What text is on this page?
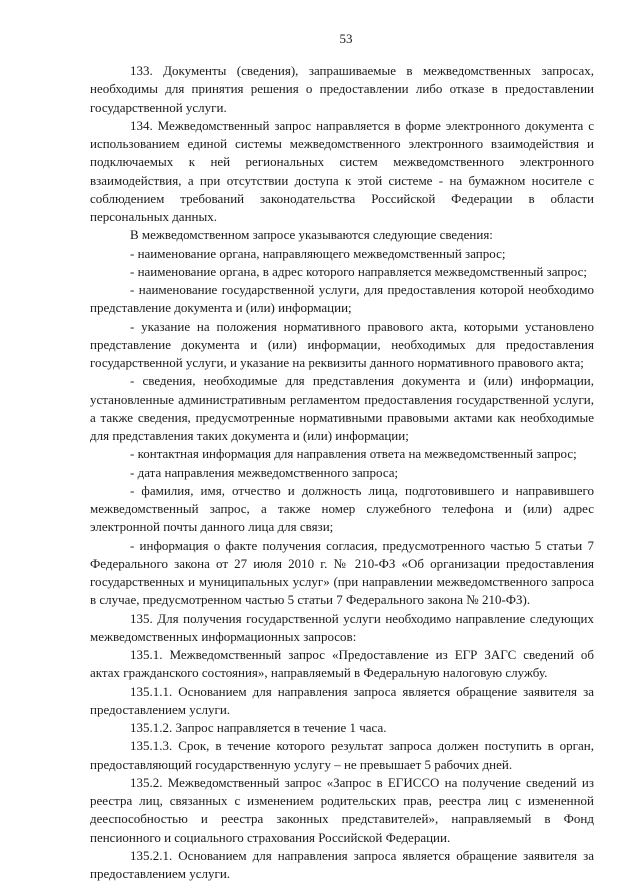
53

133. Документы (сведения), запрашиваемые в межведомственных запросах, необходимы для принятия решения о предоставлении либо отказе в предоставлении государственной услуги.

134. Межведомственный запрос направляется в форме электронного документа с использованием единой системы межведомственного электронного взаимодействия и подключаемых к ней региональных систем межведомственного электронного взаимодействия, а при отсутствии доступа к этой системе - на бумажном носителе с соблюдением требований законодательства Российской Федерации в области персональных данных.

В межведомственном запросе указываются следующие сведения:

- наименование органа, направляющего межведомственный запрос;

- наименование органа, в адрес которого направляется межведомственный запрос;

- наименование государственной услуги, для предоставления которой необходимо представление документа и (или) информации;

- указание на положения нормативного правового акта, которыми установлено представление документа и (или) информации, необходимых для предоставления государственной услуги, и указание на реквизиты данного нормативного правового акта;

- сведения, необходимые для представления документа и (или) информации, установленные административным регламентом предоставления государственной услуги, а также сведения, предусмотренные нормативными правовыми актами как необходимые для представления таких документа и (или) информации;

- контактная информация для направления ответа на межведомственный запрос;

- дата направления межведомственного запроса;

- фамилия, имя, отчество и должность лица, подготовившего и направившего межведомственный запрос, а также номер служебного телефона и (или) адрес электронной почты данного лица для связи;

- информация о факте получения согласия, предусмотренного частью 5 статьи 7 Федерального закона от 27 июля 2010 г. № 210-ФЗ «Об организации предоставления государственных и муниципальных услуг» (при направлении межведомственного запроса в случае, предусмотренном частью 5 статьи 7 Федерального закона № 210-ФЗ).

135. Для получения государственной услуги необходимо направление следующих межведомственных информационных запросов:

135.1. Межведомственный запрос «Предоставление из ЕГР ЗАГС сведений об актах гражданского состояния», направляемый в Федеральную налоговую службу.

135.1.1. Основанием для направления запроса является обращение заявителя за предоставлением услуги.

135.1.2. Запрос направляется в течение 1 часа.

135.1.3. Срок, в течение которого результат запроса должен поступить в орган, предоставляющий государственную услугу – не превышает 5 рабочих дней.

135.2. Межведомственный запрос «Запрос в ЕГИССО на получение сведений из реестра лиц, связанных с изменением родительских прав, реестра лиц с измененной дееспособностью и реестра законных представителей», направляемый в Фонд пенсионного и социального страхования Российской Федерации.

135.2.1. Основанием для направления запроса является обращение заявителя за предоставлением услуги.
